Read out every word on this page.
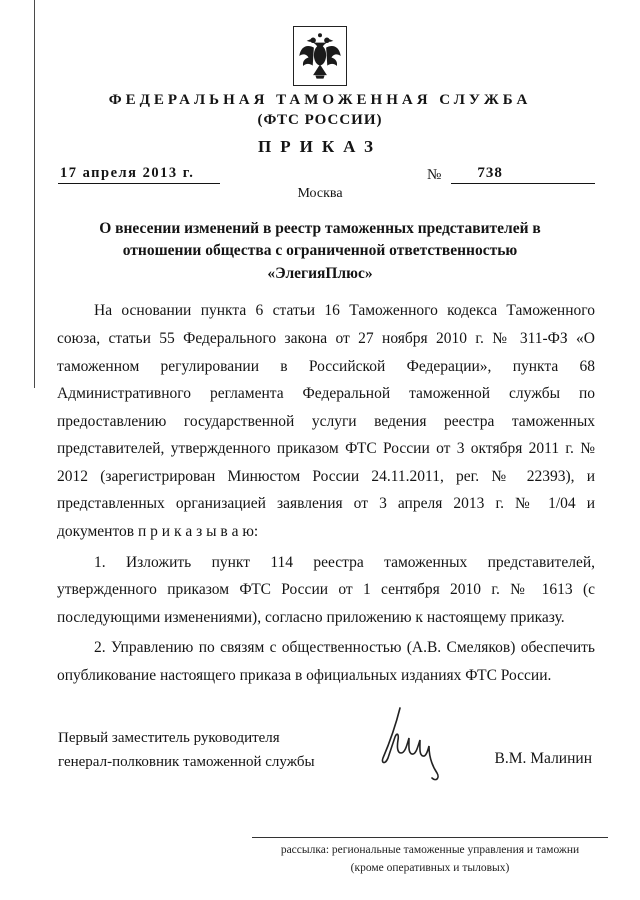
ФЕДЕРАЛЬНАЯ ТАМОЖЕННАЯ СЛУЖБА
(ФТС РОССИИ)
ПРИКАЗ
17 апреля 2013 г.	№	738
Москва
О внесении изменений в реестр таможенных представителей в отношении общества с ограниченной ответственностью «ЭлегияПлюс»

На основании пункта 6 статьи 16 Таможенного кодекса Таможенного союза, статьи 55 Федерального закона от 27 ноября 2010 г. № 311-ФЗ «О таможенном регулировании в Российской Федерации», пункта 68 Административного регламента Федеральной таможенной службы по предоставлению государственной услуги ведения реестра таможенных представителей, утвержденного приказом ФТС России от 3 октября 2011 г. № 2012 (зарегистрирован Минюстом России 24.11.2011, рег. № 22393), и представленных организацией заявления от 3 апреля 2013 г. № 1/04 и документов п р и к а з ы в а ю:

1. Изложить пункт 114 реестра таможенных представителей, утвержденного приказом ФТС России от 1 сентября 2010 г. № 1613 (с последующими изменениями), согласно приложению к настоящему приказу.

2. Управлению по связям с общественностью (А.В. Смеляков) обеспечить опубликование настоящего приказа в официальных изданиях ФТС России.

Первый заместитель руководителя
генерал-полковник таможенной службы	В.М. Малинин
рассылка: региональные таможенные управления и таможни
(кроме оперативных и тыловых)
